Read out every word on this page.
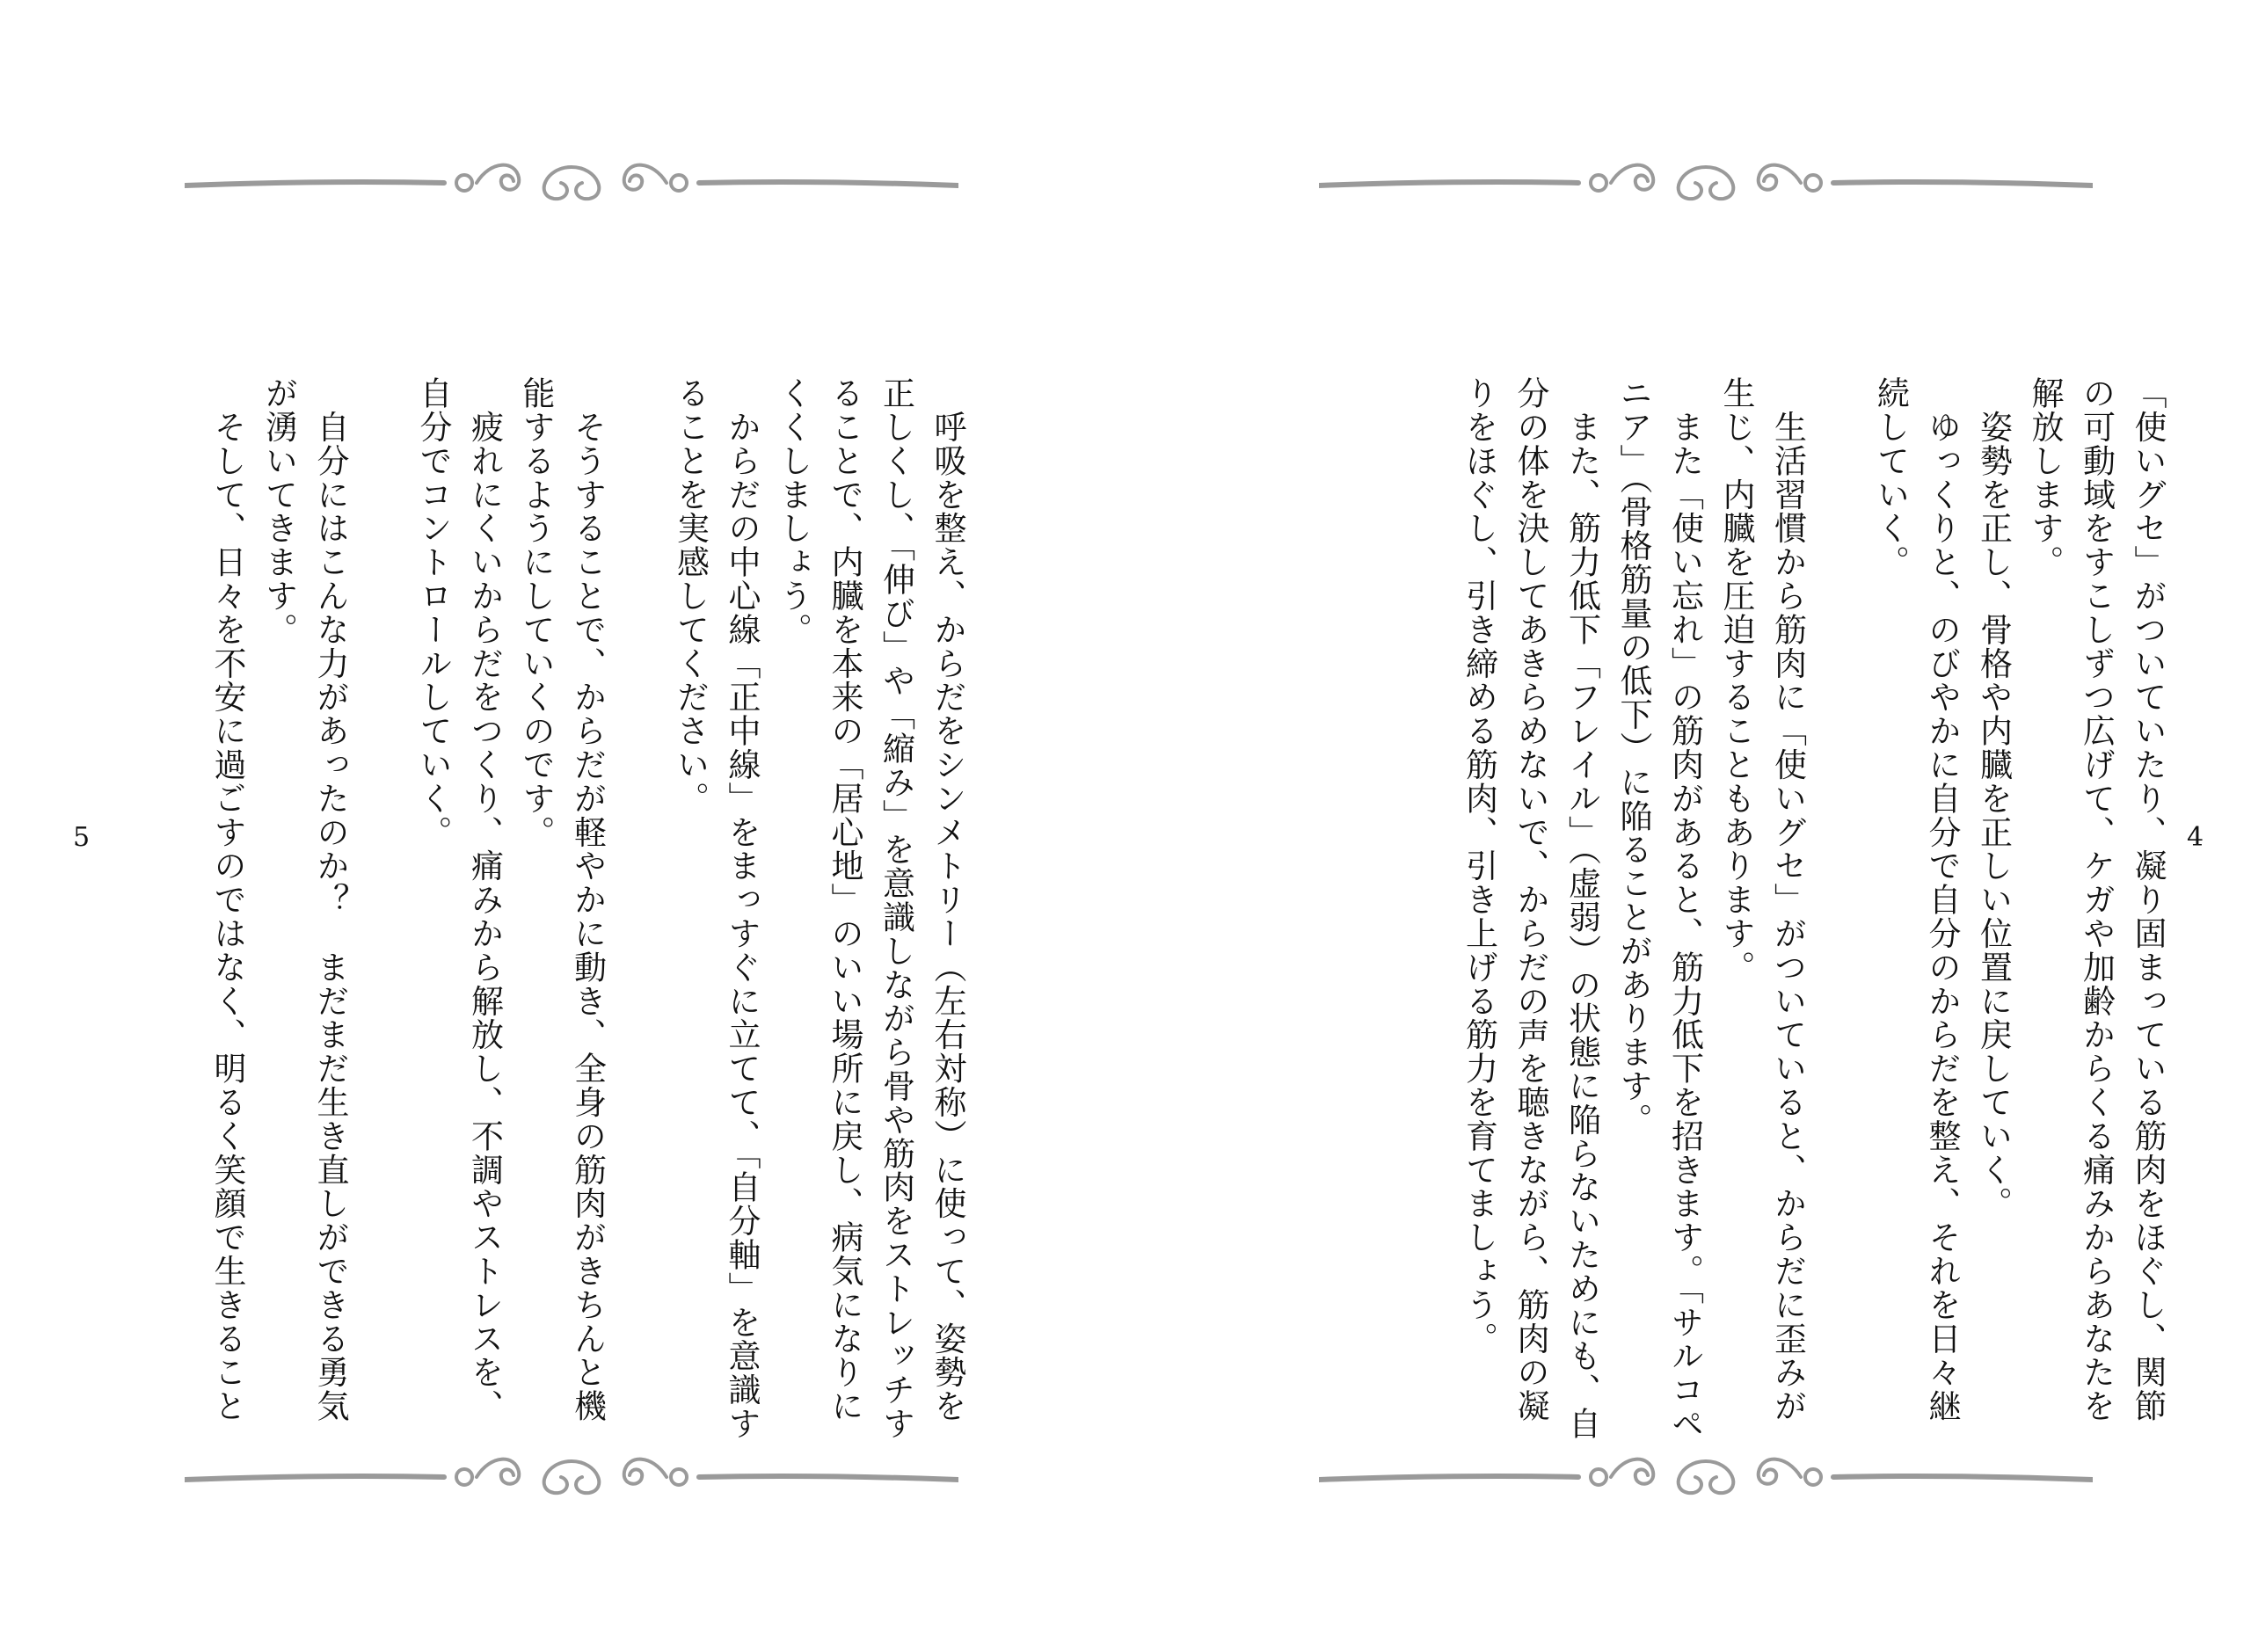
　呼吸を整え、からだをシンメトリー（左右対称）に使って、姿勢を
正しくし、「伸び」や「縮み」を意識しながら骨や筋肉をストレッチす
ることで、内臓を本来の「居心地」のいい場所に戻し、病気になりに
くくしましょう。
　からだの中心線「正中線」をまっすぐに立てて、「自分軸」を意識す
ることを実感してください。
　そうすることで、からだが軽やかに動き、全身の筋肉がきちんと機
能するようにしていくのです。
　疲れにくいからだをつくり、痛みから解放し、不調やストレスを、
自分でコントロールしていく。
　自分にはこんな力があったのか？　まだまだ生き直しができる勇気
が湧いてきます。
　そして、日々を不安に過ごすのではなく、明るく笑顔で生きること
5	「使いグセ」がついていたり、凝り固まっている筋肉をほぐし、関節
の可動域をすこしずつ広げて、ケガや加齢からくる痛みからあなたを
解放します。
　姿勢を正し、骨格や内臓を正しい位置に戻していく。
　ゆっくりと、のびやかに自分で自分のからだを整え、それを日々継
続していく。
　生活習慣から筋肉に「使いグセ」がついていると、からだに歪みが
生じ、内臓を圧迫することもあります。
　また「使い忘れ」の筋肉があると、筋力低下を招きます。「サルコペ
ニア」（骨格筋量の低下）に陥ることがあります。
　また、筋力低下「フレイル」（虚弱）の状態に陥らないためにも、自
分の体を決してあきらめないで、からだの声を聴きながら、筋肉の凝
りをほぐし、引き締める筋肉、引き上げる筋力を育てましょう。	4
